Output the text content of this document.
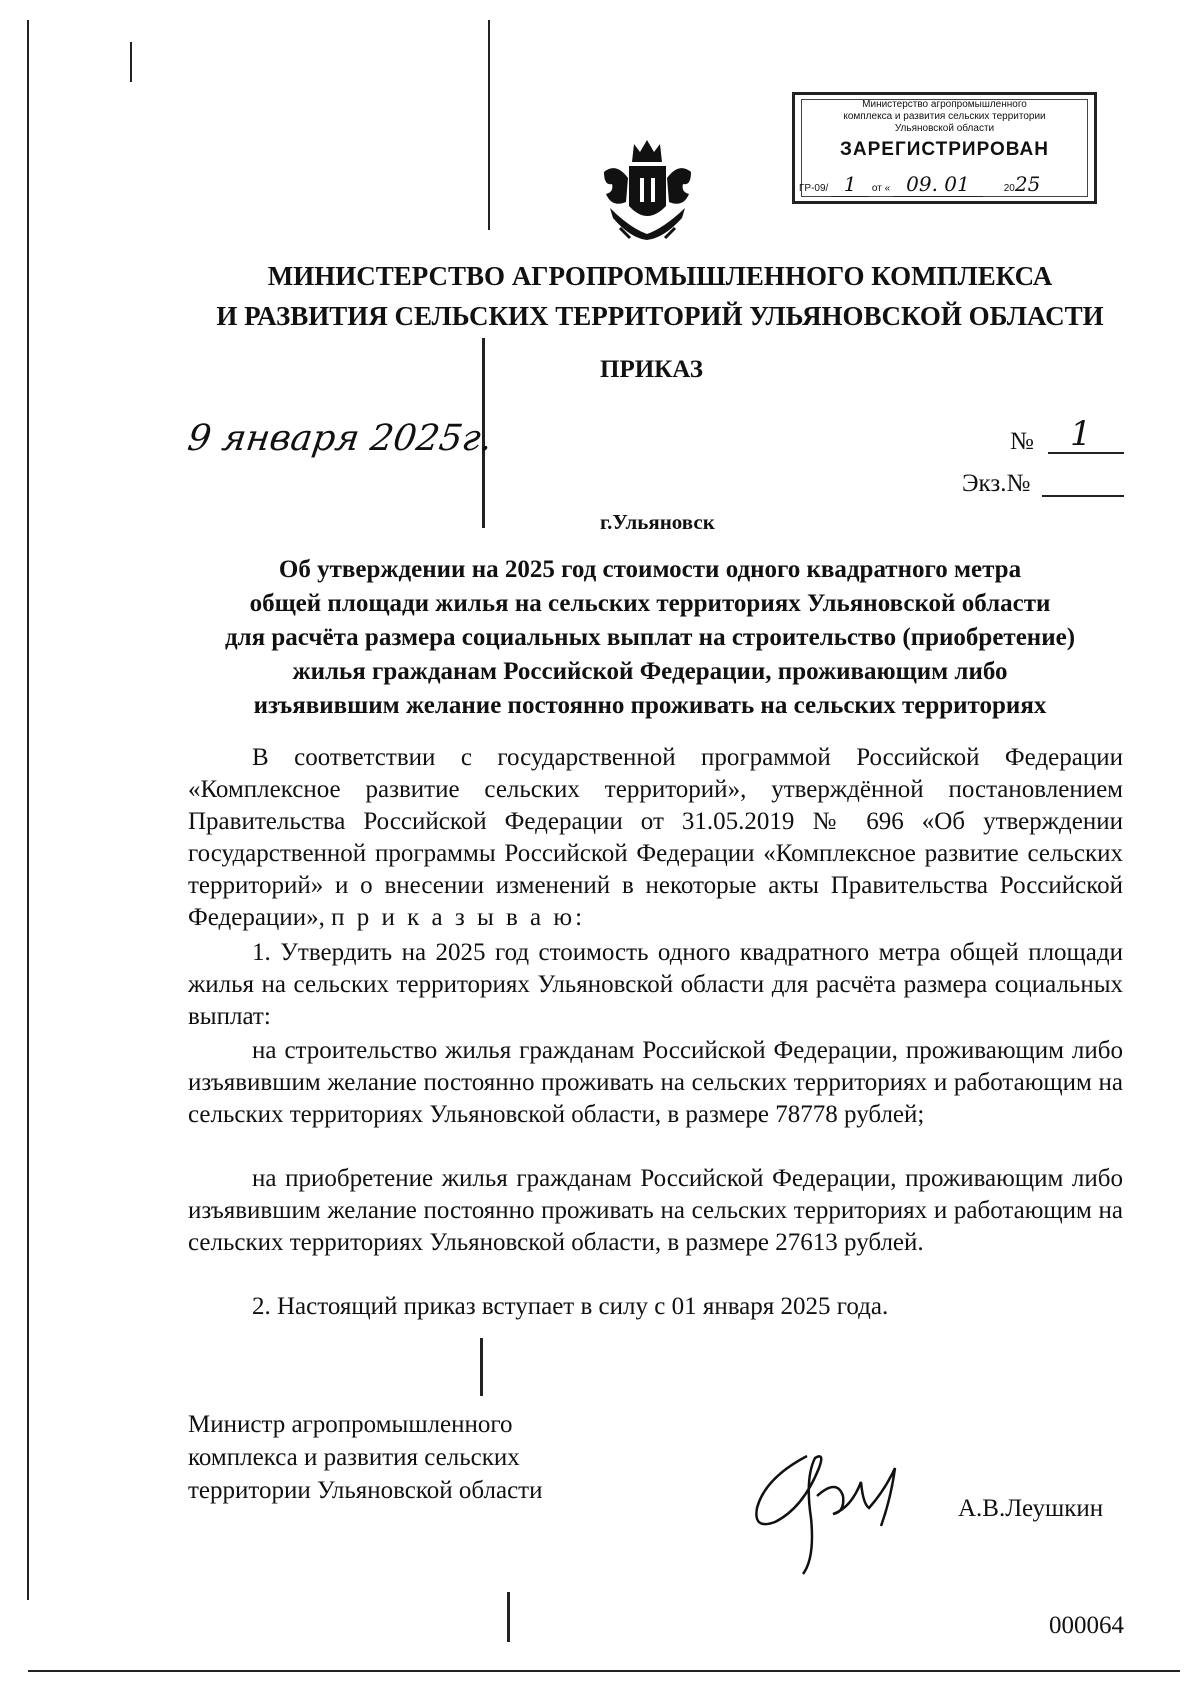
Министерство агропромышленного
комплекса и развития сельских территории
Ульяновской области
ЗАРЕГИСТРИРОВАН
ГР-09/ 1 от « 09. 01	2025
МИНИСТЕРСТВО АГРОПРОМЫШЛЕННОГО КОМПЛЕКСА
И РАЗВИТИЯ СЕЛЬСКИХ ТЕРРИТОРИЙ УЛЬЯНОВСКОЙ ОБЛАСТИ
ПРИКАЗ
9 января 2025г.	№ 1
Экз.№
г.Ульяновск
Об утверждении на 2025 год стоимости одного квадратного метра
общей площади жилья на сельских территориях Ульяновской области
для расчёта размера социальных выплат на строительство (приобретение)
жилья гражданам Российской Федерации, проживающим либо
изъявившим желание постоянно проживать на сельских территориях
В соответствии с государственной программой Российской Федерации «Комплексное развитие сельских территорий», утверждённой постановлением Правительства Российской Федерации от 31.05.2019 № 696 «Об утверждении государственной программы Российской Федерации «Комплексное развитие сельских территорий» и о внесении изменений в некоторые акты Правительства Российской Федерации», п р и к а з ы в а ю:
1. Утвердить на 2025 год стоимость одного квадратного метра общей площади жилья на сельских территориях Ульяновской области для расчёта размера социальных выплат:
на строительство жилья гражданам Российской Федерации, проживающим либо изъявившим желание постоянно проживать на сельских территориях и работающим на сельских территориях Ульяновской области, в размере 78778 рублей;
на приобретение жилья гражданам Российской Федерации, проживающим либо изъявившим желание постоянно проживать на сельских территориях и работающим на сельских территориях Ульяновской области, в размере 27613 рублей.
2. Настоящий приказ вступает в силу с 01 января 2025 года.
Министр агропромышленного
комплекса и развития сельских
территории Ульяновской области
А.В.Леушкин
000064
